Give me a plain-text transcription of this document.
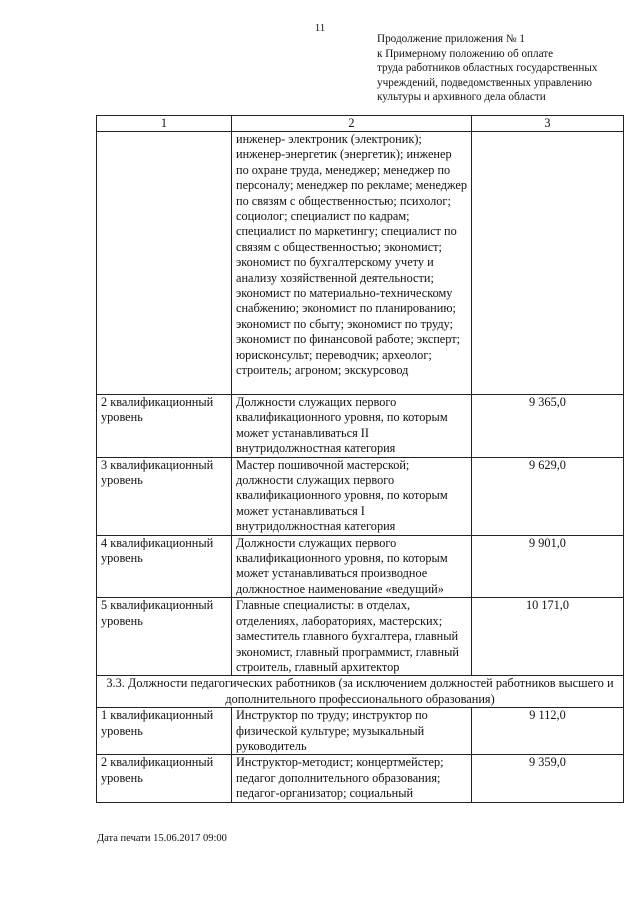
11
Продолжение приложения № 1
к Примерному положению об оплате
труда работников областных государственных
учреждений, подведомственных управлению
культуры и архивного дела области
1	2	3
	инженер- электроник (электроник); инженер-энергетик (энергетик); инженер по охране труда, менеджер; менеджер по персоналу; менеджер по рекламе; менеджер по связям с общественностью; психолог; социолог; специалист по кадрам; специалист по маркетингу; специалист по связям с общественностью; экономист; экономист по бухгалтерскому учету и анализу хозяйственной деятельности; экономист по материально-техническому снабжению; экономист по планированию; экономист по сбыту; экономист по труду; экономист по финансовой работе; эксперт; юрисконсульт; переводчик; археолог; строитель; агроном; экскурсовод	
2 квалификационный уровень	Должности служащих первого квалификационного уровня, по которым может устанавливаться II внутридолжностная категория	9 365,0
3 квалификационный уровень	Мастер пошивочной мастерской; должности служащих первого квалификационного уровня, по которым может устанавливаться I внутридолжностная категория	9 629,0
4 квалификационный уровень	Должности служащих первого квалификационного уровня, по которым может устанавливаться производное должностное наименование «ведущий»	9 901,0
5 квалификационный уровень	Главные специалисты: в отделах, отделениях, лабораториях, мастерских; заместитель главного бухгалтера, главный экономист, главный программист, главный строитель, главный архитектор	10 171,0
3.3. Должности педагогических работников (за исключением должностей работников высшего и дополнительного профессионального образования)		
1 квалификационный уровень	Инструктор по труду; инструктор по физической культуре; музыкальный руководитель	9 112,0
2 квалификационный уровень	Инструктор-методист; концертмейстер; педагог дополнительного образования; педагог-организатор; социальный	9 359,0
Дата печати 15.06.2017 09:00
